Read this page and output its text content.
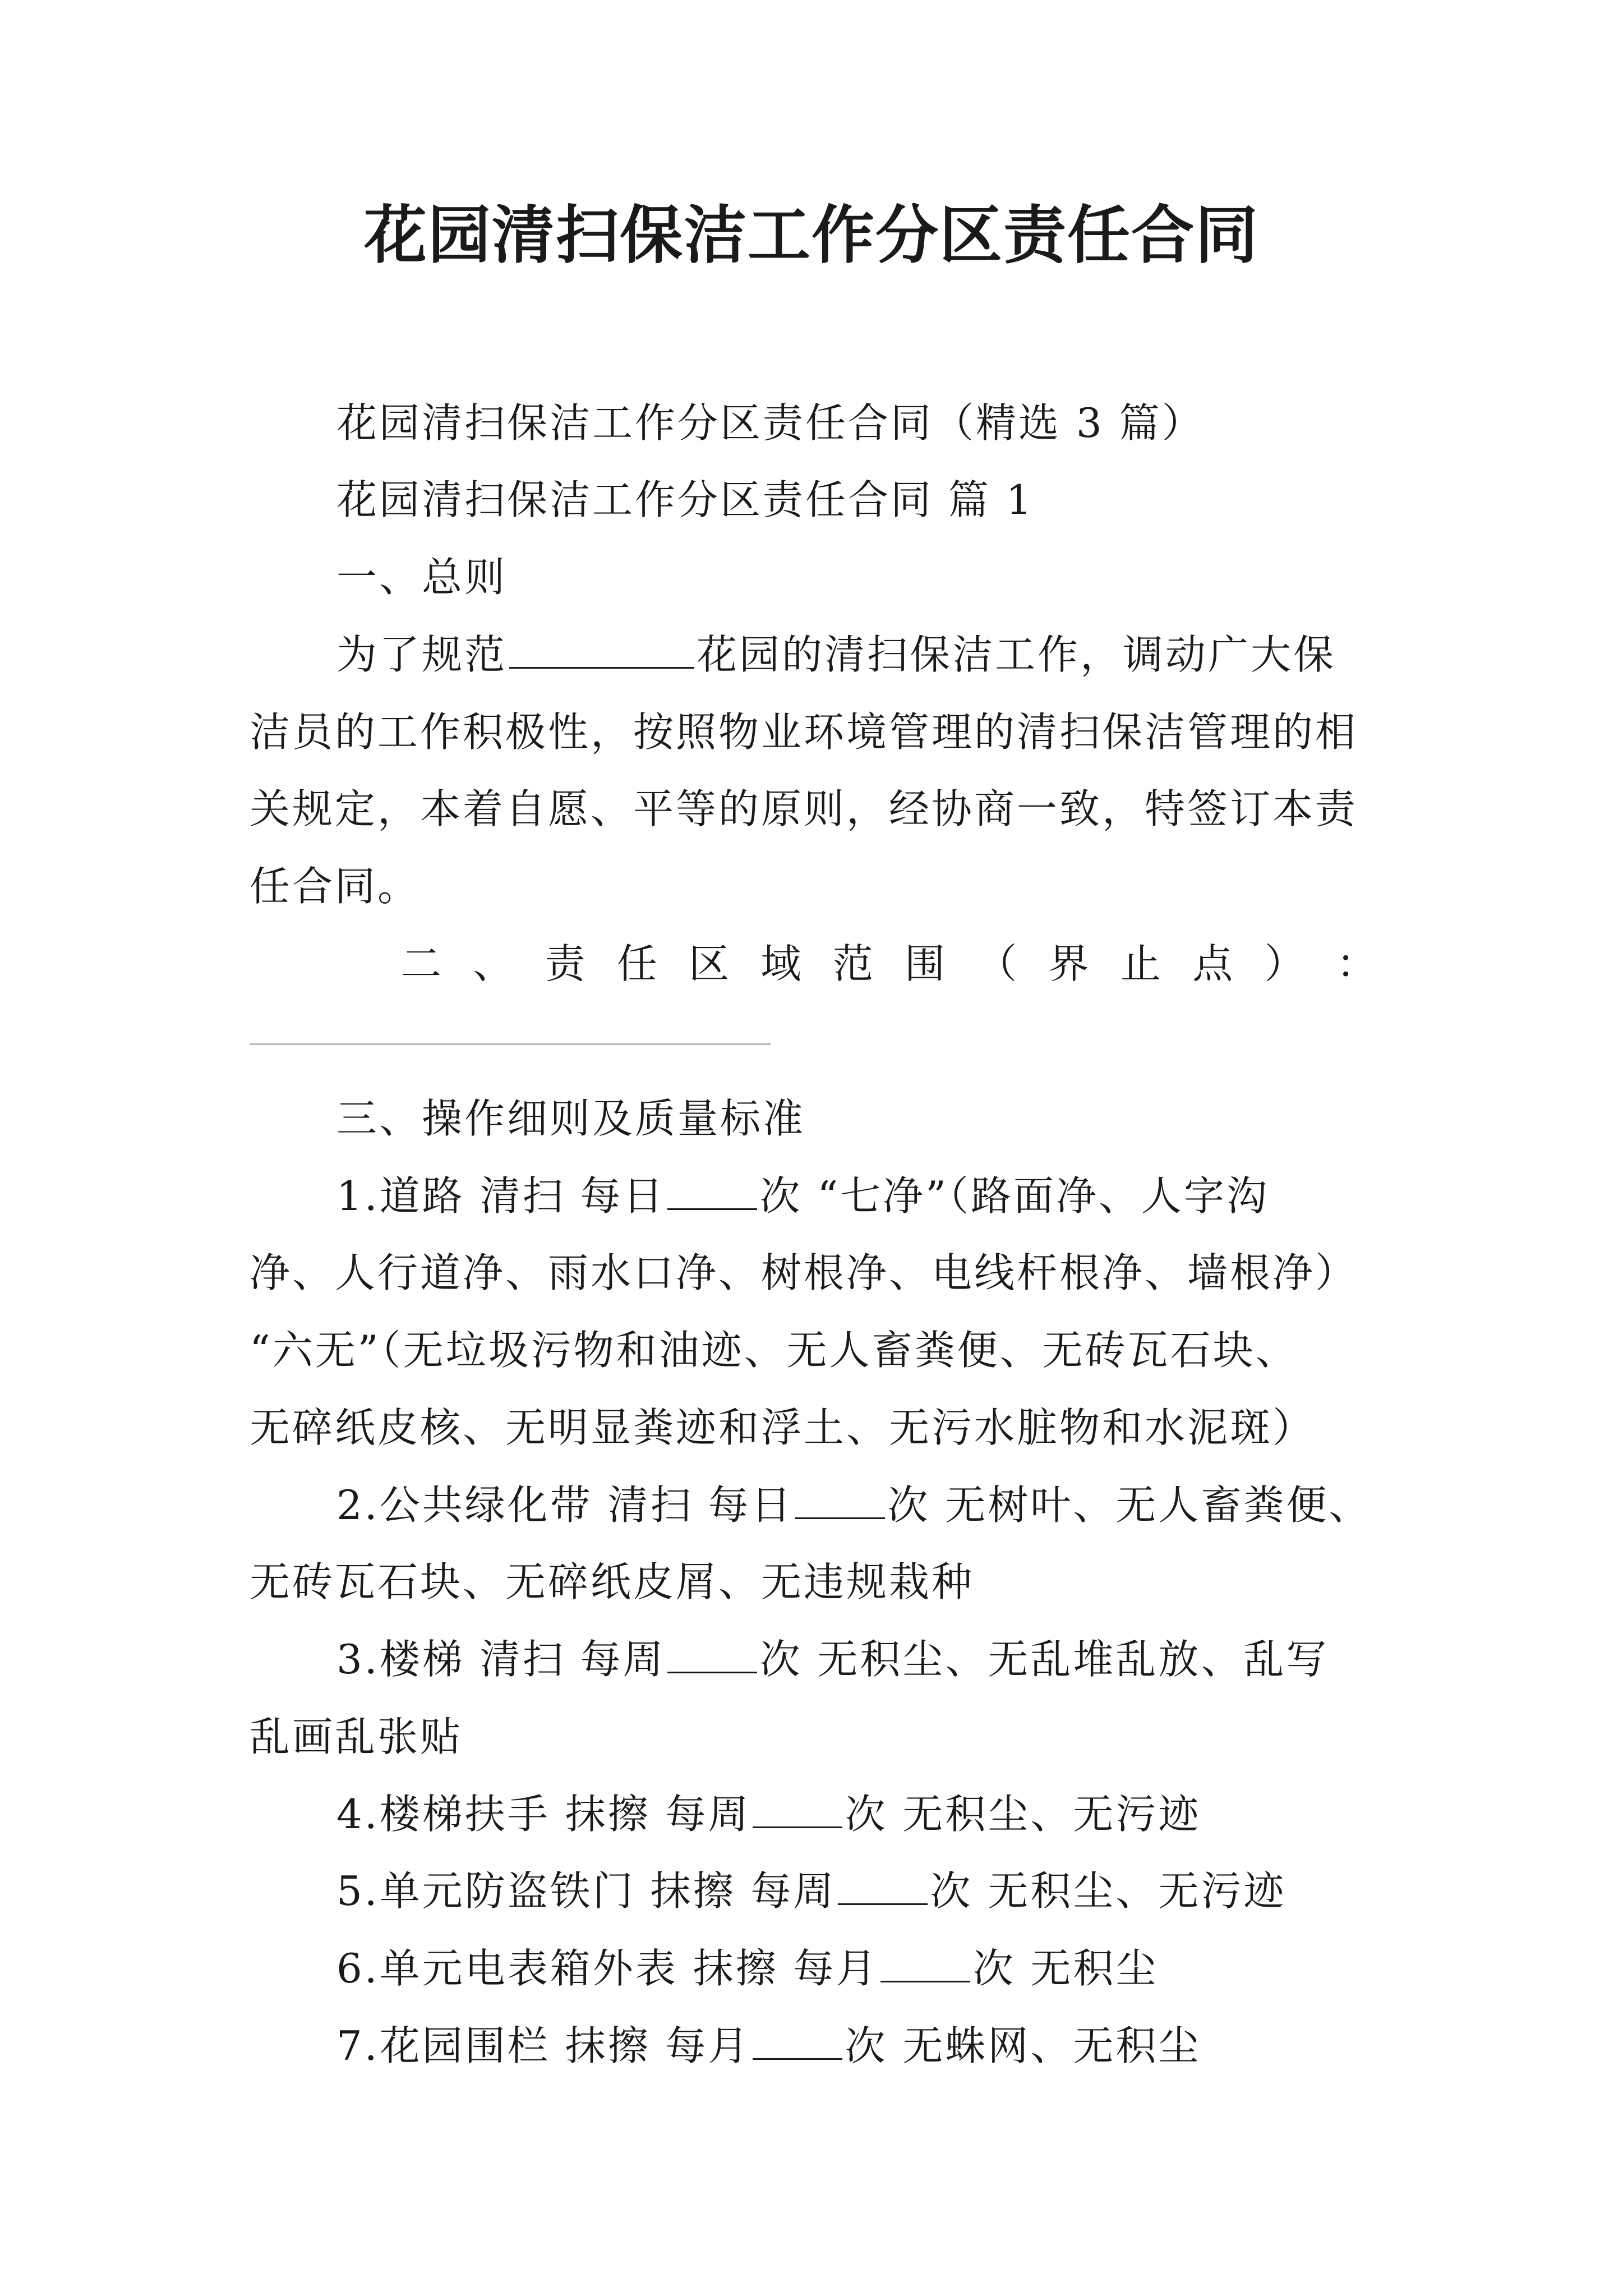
花园清扫保洁工作分区责任合同
花园清扫保洁工作分区责任合同（精选 3 篇）
花园清扫保洁工作分区责任合同 篇 1
一、总则
为了规范	花园的清扫保洁工作，调动广大保
洁员的工作积极性，按照物业环境管理的清扫保洁管理的相
关规定，本着自愿、平等的原则，经协商一致，特签订本责
任合同。
二 、 责 任 区 域 范 围 （ 界 止 点 ） ：
三、操作细则及质量标准
1.道路 清扫 每日 次 “七净”（路面净、人字沟
净、人行道净、雨水口净、树根净、电线杆根净、墙根净）
“六无”（无垃圾污物和油迹、无人畜粪便、无砖瓦石块、
无碎纸皮核、无明显粪迹和浮土、无污水脏物和水泥斑）
2.公共绿化带 清扫 每日 次 无树叶、无人畜粪便、
无砖瓦石块、无碎纸皮屑、无违规栽种
3.楼梯 清扫 每周 次 无积尘、无乱堆乱放、乱写
乱画乱张贴
4.楼梯扶手 抹擦 每周 次 无积尘、无污迹
5.单元防盗铁门 抹擦 每周 次 无积尘、无污迹
6.单元电表箱外表 抹擦 每月 次 无积尘
7.花园围栏 抹擦 每月 次 无蛛网、无积尘
